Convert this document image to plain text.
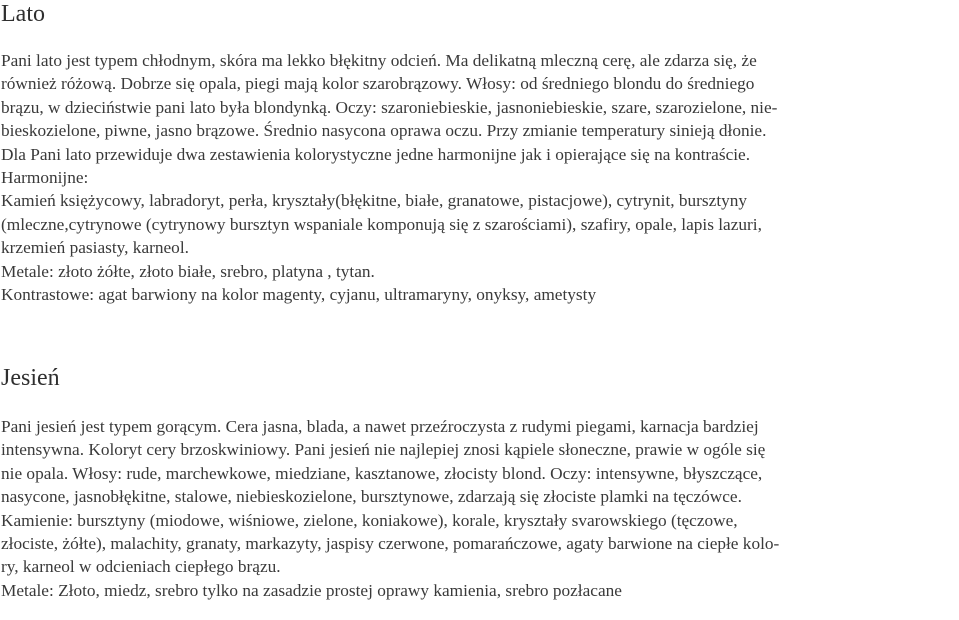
Lato
Pani lato jest typem chłodnym, skóra ma lekko błękitny odcień. Ma delikatną mleczną cerę, ale zdarza się, że
również różową. Dobrze się opala, piegi mają kolor szarobrązowy. Włosy: od średniego blondu do średniego
brązu, w dzieciństwie pani lato była blondynką. Oczy: szaroniebieskie, jasnoniebieskie, szare, szarozielone, nie-
bieskozielone, piwne, jasno brązowe. Średnio nasycona oprawa oczu. Przy zmianie temperatury sinieją dłonie.
Dla Pani lato przewiduje dwa zestawienia kolorystyczne jedne harmonijne jak i opierające się na kontraście.
Harmonijne:
Kamień księżycowy, labradoryt, perła, kryształy(błękitne, białe, granatowe, pistacjowe), cytrynit, bursztyny
(mleczne,cytrynowe (cytrynowy bursztyn wspaniale komponują się z szarościami), szafiry, opale, lapis lazuri,
krzemień pasiasty, karneol.
Metale: złoto żółte, złoto białe, srebro, platyna , tytan.
Kontrastowe: agat barwiony na kolor magenty, cyjanu, ultramaryny, onyksy, ametysty
Jesień
Pani jesień jest typem gorącym. Cera jasna, blada, a nawet przeźroczysta z rudymi piegami, karnacja bardziej
intensywna. Koloryt cery brzoskwiniowy. Pani jesień nie najlepiej znosi kąpiele słoneczne, prawie w ogóle się
nie opala. Włosy: rude, marchewkowe, miedziane, kasztanowe, złocisty blond. Oczy: intensywne, błyszczące,
nasycone, jasnobłękitne, stalowe, niebieskozielone, bursztynowe, zdarzają się złociste plamki na tęczówce.
Kamienie: bursztyny (miodowe, wiśniowe, zielone, koniakowe), korale, kryształy svarowskiego (tęczowe,
złociste, żółte), malachity, granaty, markazyty, jaspisy czerwone, pomarańczowe, agaty barwione na ciepłe kolo-
ry, karneol w odcieniach ciepłego brązu.
Metale: Złoto, miedz, srebro tylko na zasadzie prostej oprawy kamienia, srebro pozłacane
